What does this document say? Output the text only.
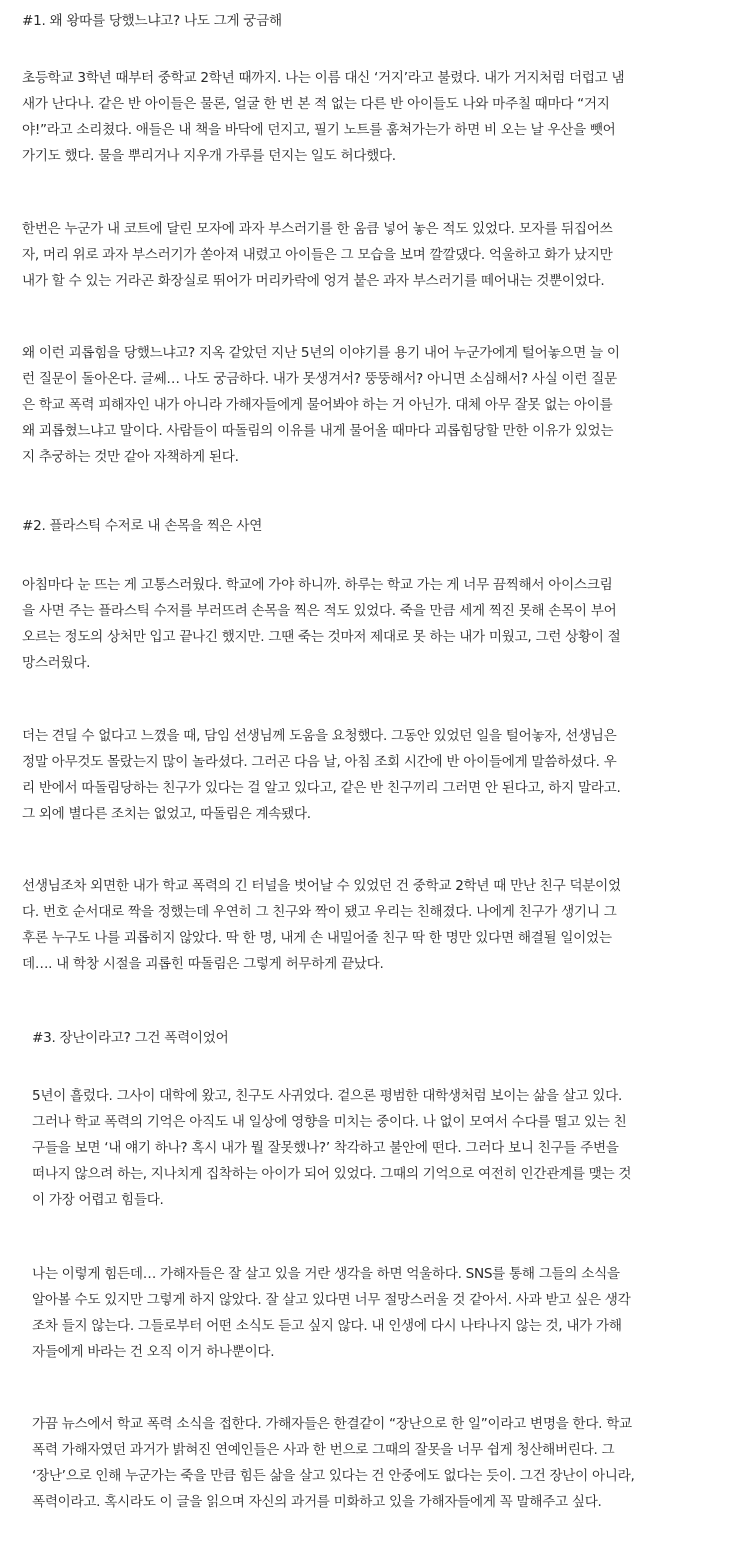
#1. 왜 왕따를 당했느냐고? 나도 그게 궁금해
초등학교 3학년 때부터 중학교 2학년 때까지. 나는 이름 대신 ‘거지’라고 불렸다. 내가 거지처럼 더럽고 냄
새가 난다나. 같은 반 아이들은 물론, 얼굴 한 번 본 적 없는 다른 반 아이들도 나와 마주칠 때마다 “거지
야!”라고 소리쳤다. 애들은 내 책을 바닥에 던지고, 필기 노트를 훔쳐가는가 하면 비 오는 날 우산을 뺏어
가기도 했다. 물을 뿌리거나 지우개 가루를 던지는 일도 허다했다.
한번은 누군가 내 코트에 달린 모자에 과자 부스러기를 한 움큼 넣어 놓은 적도 있었다. 모자를 뒤집어쓰
자, 머리 위로 과자 부스러기가 쏟아져 내렸고 아이들은 그 모습을 보며 깔깔댔다. 억울하고 화가 났지만
내가 할 수 있는 거라곤 화장실로 뛰어가 머리카락에 엉겨 붙은 과자 부스러기를 떼어내는 것뿐이었다.
왜 이런 괴롭힘을 당했느냐고? 지옥 같았던 지난 5년의 이야기를 용기 내어 누군가에게 털어놓으면 늘 이
런 질문이 돌아온다. 글쎄… 나도 궁금하다. 내가 못생겨서? 뚱뚱해서? 아니면 소심해서? 사실 이런 질문
은 학교 폭력 피해자인 내가 아니라 가해자들에게 물어봐야 하는 거 아닌가. 대체 아무 잘못 없는 아이를
왜 괴롭혔느냐고 말이다. 사람들이 따돌림의 이유를 내게 물어올 때마다 괴롭힘당할 만한 이유가 있었는
지 추궁하는 것만 같아 자책하게 된다.
#2. 플라스틱 수저로 내 손목을 찍은 사연
아침마다 눈 뜨는 게 고통스러웠다. 학교에 가야 하니까. 하루는 학교 가는 게 너무 끔찍해서 아이스크림
을 사면 주는 플라스틱 수저를 부러뜨려 손목을 찍은 적도 있었다. 죽을 만큼 세게 찍진 못해 손목이 부어
오르는 정도의 상처만 입고 끝나긴 했지만. 그땐 죽는 것마저 제대로 못 하는 내가 미웠고, 그런 상황이 절
망스러웠다.
더는 견딜 수 없다고 느꼈을 때, 담임 선생님께 도움을 요청했다. 그동안 있었던 일을 털어놓자, 선생님은
정말 아무것도 몰랐는지 많이 놀라셨다. 그러곤 다음 날, 아침 조회 시간에 반 아이들에게 말씀하셨다. 우
리 반에서 따돌림당하는 친구가 있다는 걸 알고 있다고, 같은 반 친구끼리 그러면 안 된다고, 하지 말라고.
그 외에 별다른 조치는 없었고, 따돌림은 계속됐다.
선생님조차 외면한 내가 학교 폭력의 긴 터널을 벗어날 수 있었던 건 중학교 2학년 때 만난 친구 덕분이었
다. 번호 순서대로 짝을 정했는데 우연히 그 친구와 짝이 됐고 우리는 친해졌다. 나에게 친구가 생기니 그
후론 누구도 나를 괴롭히지 않았다. 딱 한 명, 내게 손 내밀어줄 친구 딱 한 명만 있다면 해결될 일이었는
데…. 내 학창 시절을 괴롭힌 따돌림은 그렇게 허무하게 끝났다.
#3. 장난이라고? 그건 폭력이었어
5년이 흘렀다. 그사이 대학에 왔고, 친구도 사귀었다. 겉으론 평범한 대학생처럼 보이는 삶을 살고 있다.
그러나 학교 폭력의 기억은 아직도 내 일상에 영향을 미치는 중이다. 나 없이 모여서 수다를 떨고 있는 친
구들을 보면 ‘내 얘기 하나? 혹시 내가 뭘 잘못했나?’ 착각하고 불안에 떤다. 그러다 보니 친구들 주변을
떠나지 않으려 하는, 지나치게 집착하는 아이가 되어 있었다. 그때의 기억으로 여전히 인간관계를 맺는 것
이 가장 어렵고 힘들다.
나는 이렇게 힘든데… 가해자들은 잘 살고 있을 거란 생각을 하면 억울하다. SNS를 통해 그들의 소식을
알아볼 수도 있지만 그렇게 하지 않았다. 잘 살고 있다면 너무 절망스러울 것 같아서. 사과 받고 싶은 생각
조차 들지 않는다. 그들로부터 어떤 소식도 듣고 싶지 않다. 내 인생에 다시 나타나지 않는 것, 내가 가해
자들에게 바라는 건 오직 이거 하나뿐이다.
가끔 뉴스에서 학교 폭력 소식을 접한다. 가해자들은 한결같이 “장난으로 한 일”이라고 변명을 한다. 학교
폭력 가해자였던 과거가 밝혀진 연예인들은 사과 한 번으로 그때의 잘못을 너무 쉽게 청산해버린다. 그
‘장난’으로 인해 누군가는 죽을 만큼 힘든 삶을 살고 있다는 건 안중에도 없다는 듯이. 그건 장난이 아니라,
폭력이라고. 혹시라도 이 글을 읽으며 자신의 과거를 미화하고 있을 가해자들에게 꼭 말해주고 싶다.
